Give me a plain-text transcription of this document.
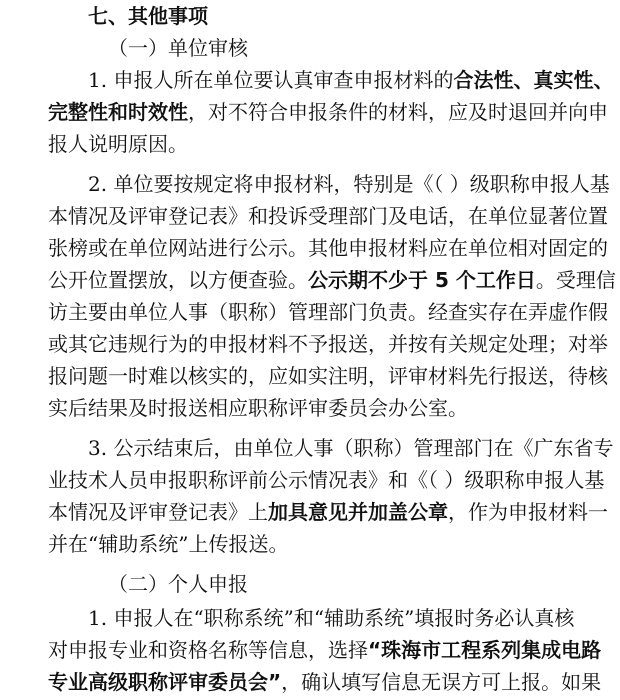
七、其他事项
（一）单位审核
1. 申报人所在单位要认真审查申报材料的合法性、真实性、
完整性和时效性，对不符合申报条件的材料，应及时退回并向申
报人说明原因。
2. 单位要按规定将申报材料，特别是《（ ）级职称申报人基
本情况及评审登记表》和投诉受理部门及电话，在单位显著位置
张榜或在单位网站进行公示。其他申报材料应在单位相对固定的
公开位置摆放，以方便查验。公示期不少于 5 个工作日。受理信
访主要由单位人事（职称）管理部门负责。经查实存在弄虚作假
或其它违规行为的申报材料不予报送，并按有关规定处理；对举
报问题一时难以核实的，应如实注明，评审材料先行报送，待核
实后结果及时报送相应职称评审委员会办公室。
3. 公示结束后，由单位人事（职称）管理部门在《广东省专
业技术人员申报职称评前公示情况表》和《（ ）级职称申报人基
本情况及评审登记表》上加具意见并加盖公章，作为申报材料一
并在“辅助系统”上传报送。
（二）个人申报
1. 申报人在“职称系统”和“辅助系统”填报时务必认真核
对申报专业和资格名称等信息，选择“珠海市工程系列集成电路
专业高级职称评审委员会”，确认填写信息无误方可上报。如果
